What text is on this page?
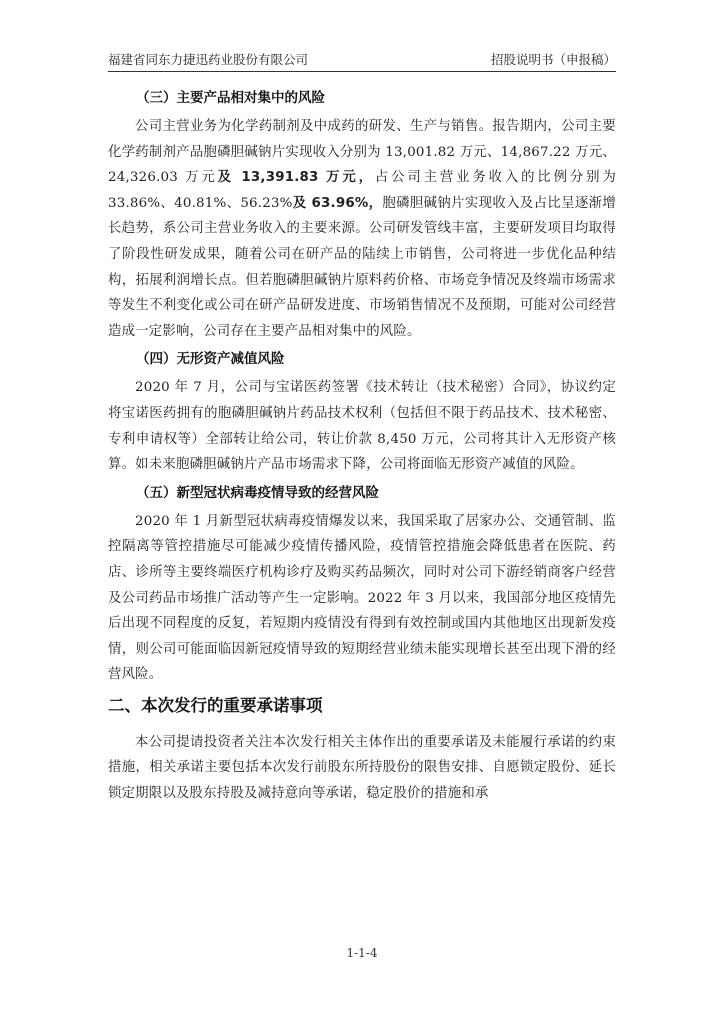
福建省同东力捷迅药业股份有限公司	招股说明书（申报稿）
（三）主要产品相对集中的风险

公司主营业务为化学药制剂及中成药的研发、生产与销售。报告期内，公司主要化学药制剂产品胞磷胆碱钠片实现收入分别为 13,001.82 万元、14,867.22 万元、24,326.03 万元及 13,391.83 万元，占公司主营业务收入的比例分别为 33.86%、40.81%、56.23%及 63.96%，胞磷胆碱钠片实现收入及占比呈逐渐增长趋势，系公司主营业务收入的主要来源。公司研发管线丰富，主要研发项目均取得了阶段性研发成果，随着公司在研产品的陆续上市销售，公司将进一步优化品种结构，拓展利润增长点。但若胞磷胆碱钠片原料药价格、市场竞争情况及终端市场需求等发生不利变化或公司在研产品研发进度、市场销售情况不及预期，可能对公司经营造成一定影响，公司存在主要产品相对集中的风险。

（四）无形资产减值风险

2020 年 7 月，公司与宝诺医药签署《技术转让（技术秘密）合同》，协议约定将宝诺医药拥有的胞磷胆碱钠片药品技术权利（包括但不限于药品技术、技术秘密、专利申请权等）全部转让给公司，转让价款 8,450 万元，公司将其计入无形资产核算。如未来胞磷胆碱钠片产品市场需求下降，公司将面临无形资产减值的风险。

（五）新型冠状病毒疫情导致的经营风险

2020 年 1 月新型冠状病毒疫情爆发以来，我国采取了居家办公、交通管制、监控隔离等管控措施尽可能减少疫情传播风险，疫情管控措施会降低患者在医院、药店、诊所等主要终端医疗机构诊疗及购买药品频次，同时对公司下游经销商客户经营及公司药品市场推广活动等产生一定影响。2022 年 3 月以来，我国部分地区疫情先后出现不同程度的反复，若短期内疫情没有得到有效控制或国内其他地区出现新发疫情，则公司可能面临因新冠疫情导致的短期经营业绩未能实现增长甚至出现下滑的经营风险。

二、本次发行的重要承诺事项

本公司提请投资者关注本次发行相关主体作出的重要承诺及未能履行承诺的约束措施，相关承诺主要包括本次发行前股东所持股份的限售安排、自愿锁定股份、延长锁定期限以及股东持股及减持意向等承诺，稳定股价的措施和承

1-1-4
